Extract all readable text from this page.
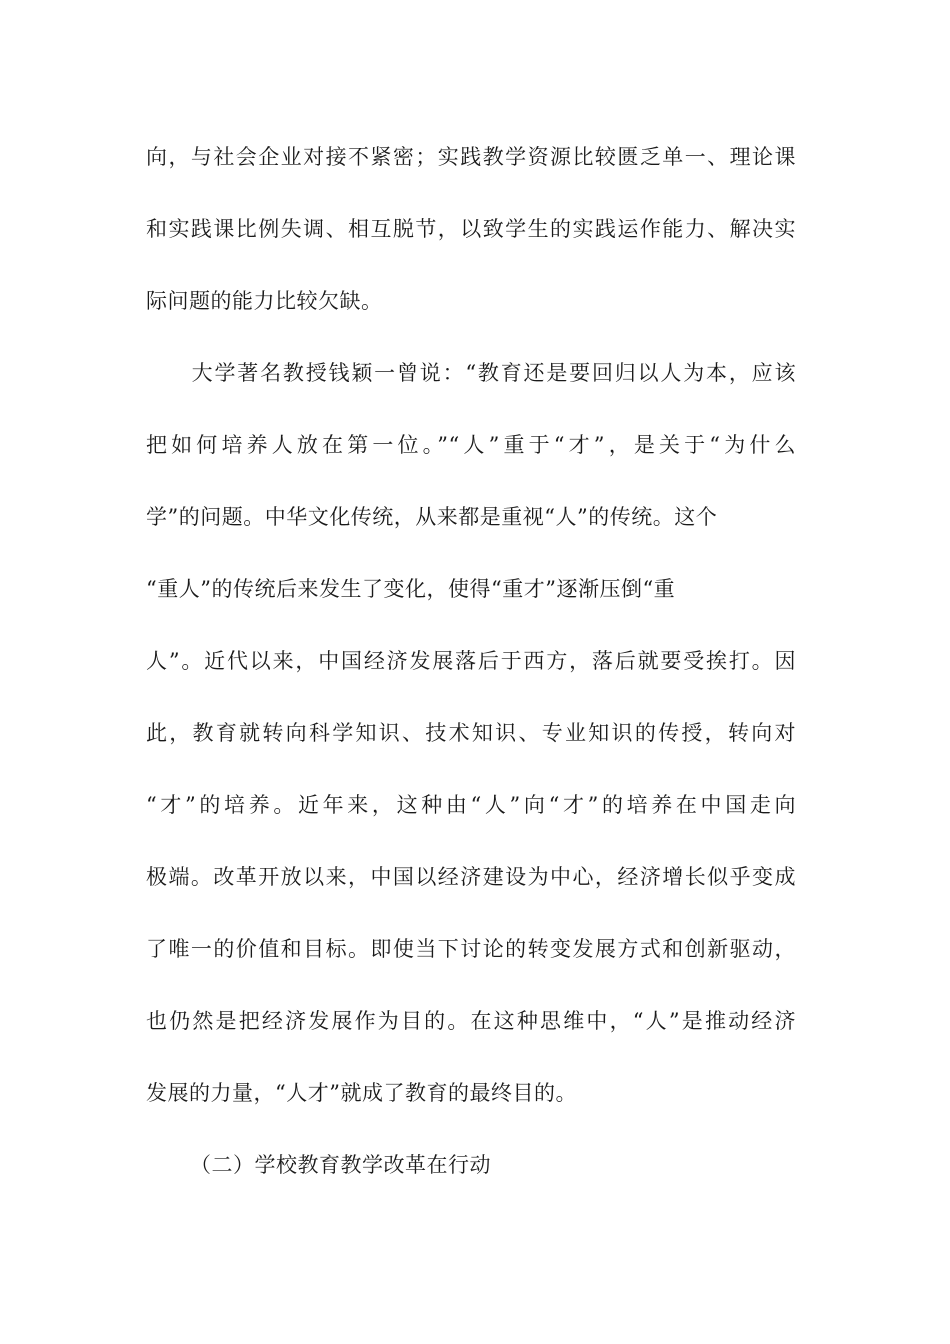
向，与社会企业对接不紧密；实践教学资源比较匮乏单一、理论课
和实践课比例失调、相互脱节，以致学生的实践运作能力、解决实
际问题的能力比较欠缺。
　　大学著名教授钱颖一曾说：“教育还是要回归以人为本，应该
把如何培养人放在第一位。”“人”重于“才”，是关于“为什么
学”的问题。中华文化传统，从来都是重视“人”的传统。这个
“重人”的传统后来发生了变化，使得“重才”逐渐压倒“重
人”。近代以来，中国经济发展落后于西方，落后就要受挨打。因
此，教育就转向科学知识、技术知识、专业知识的传授，转向对
“才”的培养。近年来，这种由“人”向“才”的培养在中国走向
极端。改革开放以来，中国以经济建设为中心，经济增长似乎变成
了唯一的价值和目标。即使当下讨论的转变发展方式和创新驱动，
也仍然是把经济发展作为目的。在这种思维中，“人”是推动经济
发展的力量，“人才”就成了教育的最终目的。
（二）学校教育教学改革在行动
